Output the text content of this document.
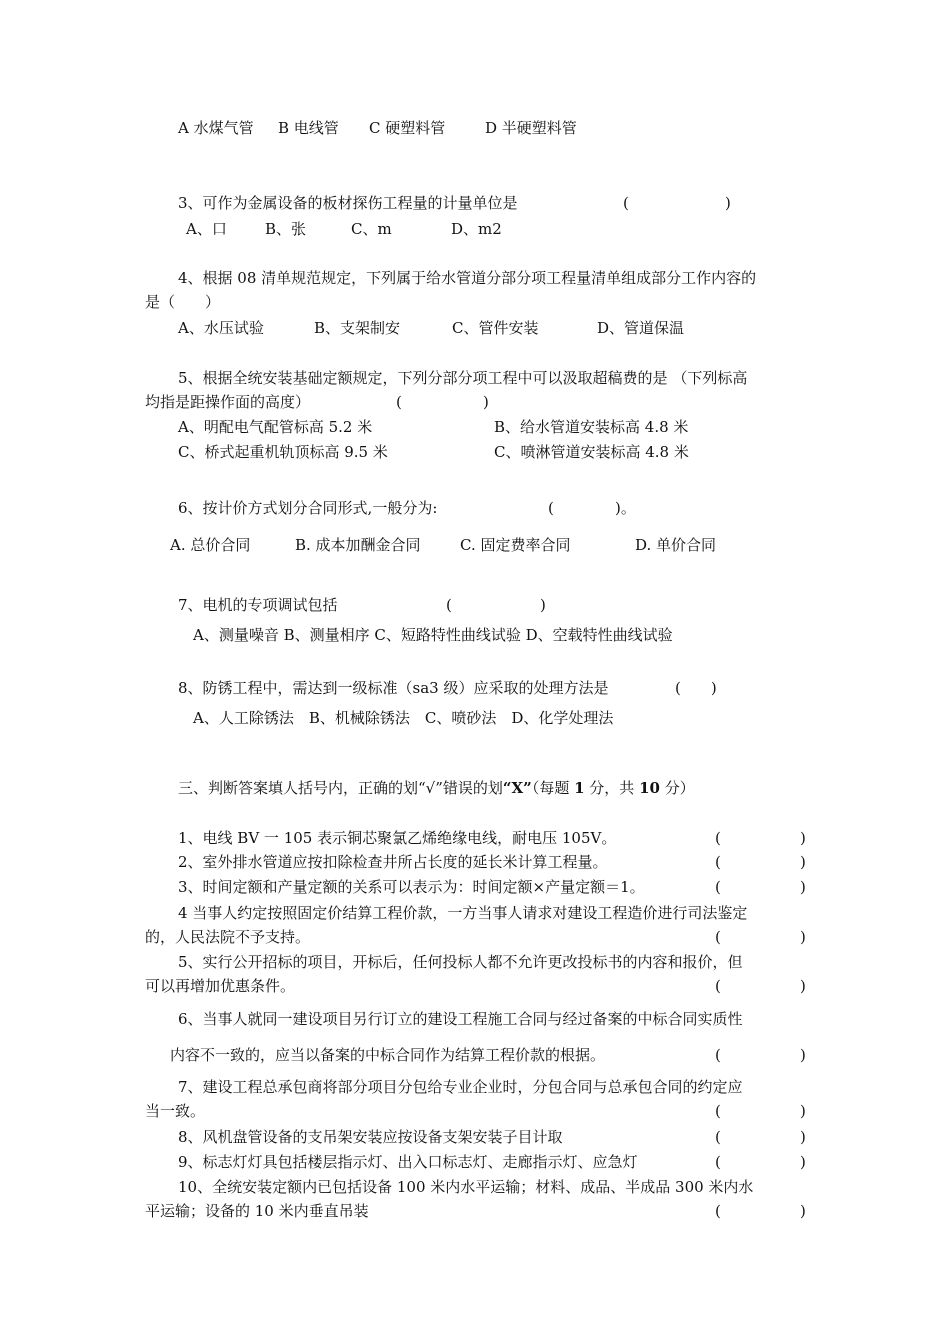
A 水煤气管 B 电线管 C 硬塑料管	D 半硬塑料管
3、可作为金属设备的板材探伤工程量的计量单位是	(	)
A、口	B、张	C、m	D、m2
4、根据 08 清单规范规定，下列属于给水管道分部分项工程量清单组成部分工作内容的
是（　　）
A、水压试验	B、支架制安	C、管件安装	D、管道保温
5、根据全统安装基础定额规定，下列分部分项工程中可以汲取超稿费的是 （下列标高
均指是距操作面的高度）	(	)
A、明配电气配管标高 5.2 米	B、给水管道安装标高 4.8 米
C、桥式起重机轨顶标高 9.5 米	C、喷淋管道安装标高 4.8 米
6、按计价方式划分合同形式,一般分为:	(	)。
A. 总价合同	B. 成本加酬金合同	C. 固定费率合同	D. 单价合同
7、电机的专项调试包括	(	)
A、测量噪音 B、测量相序 C、短路特性曲线试验 D、空载特性曲线试验
8、防锈工程中，需达到一级标准（sa3 级）应采取的处理方法是	(　　)
A、人工除锈法　B、机械除锈法　C、喷砂法　D、化学处理法
三、判断答案填人括号内，正确的划“√”错误的划“X”（每题 1 分，共 10 分）
1、电线 BV 一 105 表示铜芯聚氯乙烯绝缘电线，耐电压 105V。	(	)
2、室外排水管道应按扣除检查井所占长度的延长米计算工程量。	(	)
3、时间定额和产量定额的关系可以表示为：时间定额×产量定额＝1。	(	)
4 当事人约定按照固定价结算工程价款，一方当事人请求对建设工程造价进行司法鉴定
的，人民法院不予支持。	(	)
5、实行公开招标的项目，开标后，任何投标人都不允许更改投标书的内容和报价，但
可以再增加优惠条件。	(	)
6、当事人就同一建设项目另行订立的建设工程施工合同与经过备案的中标合同实质性
内容不一致的，应当以备案的中标合同作为结算工程价款的根据。	(	)
7、建设工程总承包商将部分项目分包给专业企业时，分包合同与总承包合同的约定应
当一致。	(	)
8、风机盘管设备的支吊架安装应按设备支架安装子目计取	(	)
9、标志灯灯具包括楼层指示灯、出入口标志灯、走廊指示灯、应急灯	(	)
10、全统安装定额内已包括设备 100 米内水平运输；材料、成品、半成品 300 米内水
平运输；设备的 10 米内垂直吊装	(	)
